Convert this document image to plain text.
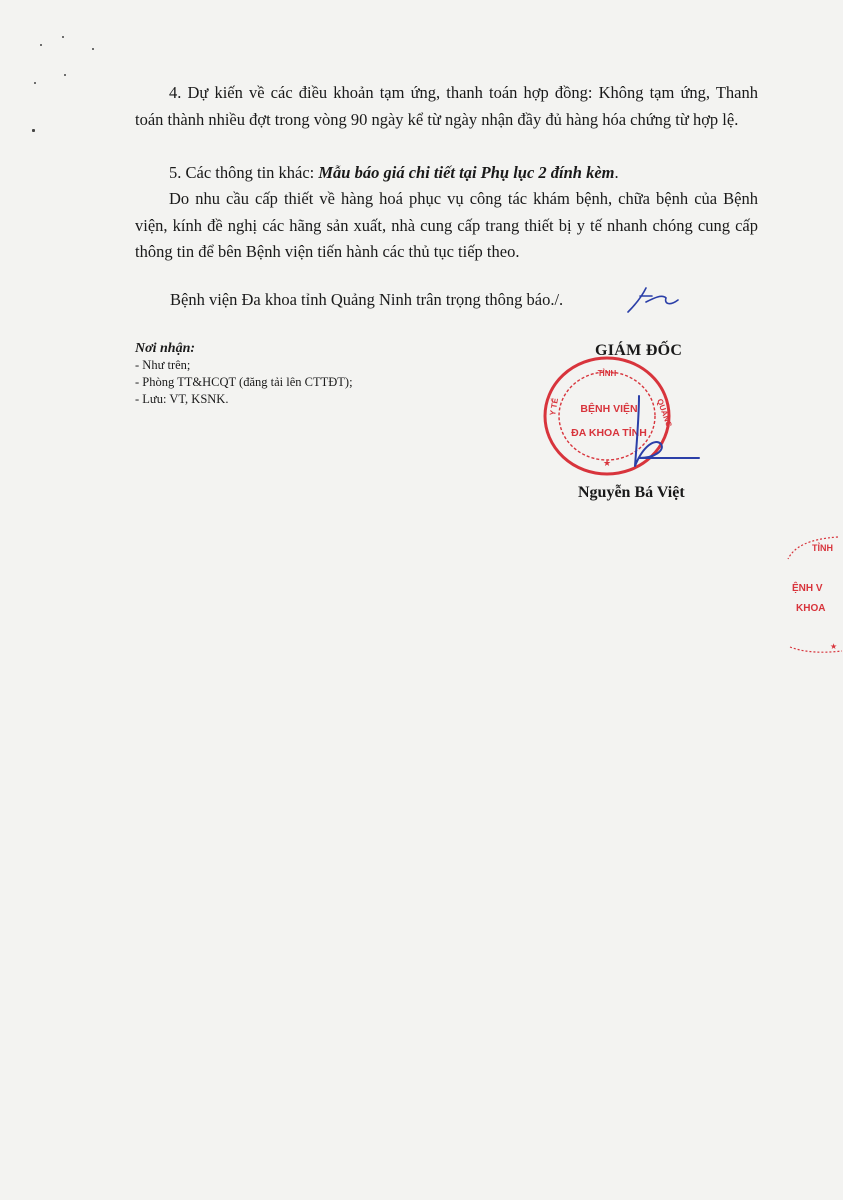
4. Dự kiến về các điều khoản tạm ứng, thanh toán hợp đồng: Không tạm ứng, Thanh toán thành nhiều đợt trong vòng 90 ngày kể từ ngày nhận đầy đủ hàng hóa chứng từ hợp lệ.
5. Các thông tin khác: Mẫu báo giá chi tiết tại Phụ lục 2 đính kèm.
Do nhu cầu cấp thiết về hàng hoá phục vụ công tác khám bệnh, chữa bệnh của Bệnh viện, kính đề nghị các hãng sản xuất, nhà cung cấp trang thiết bị y tế nhanh chóng cung cấp thông tin để bên Bệnh viện tiến hành các thủ tục tiếp theo.
Bệnh viện Đa khoa tỉnh Quảng Ninh trân trọng thông báo./.
Nơi nhận:
- Như trên;
- Phòng TT&HCQT (đăng tải lên CTTĐT);
- Lưu: VT, KSNK.
GIÁM ĐỐC
TỈNH
Y TẾ	QUẢNG
BỆNH VIỆN
ĐA KHOA TỈNH
★
Nguyễn Bá Việt
TỈNH
ỆNH V
KHOA
★
